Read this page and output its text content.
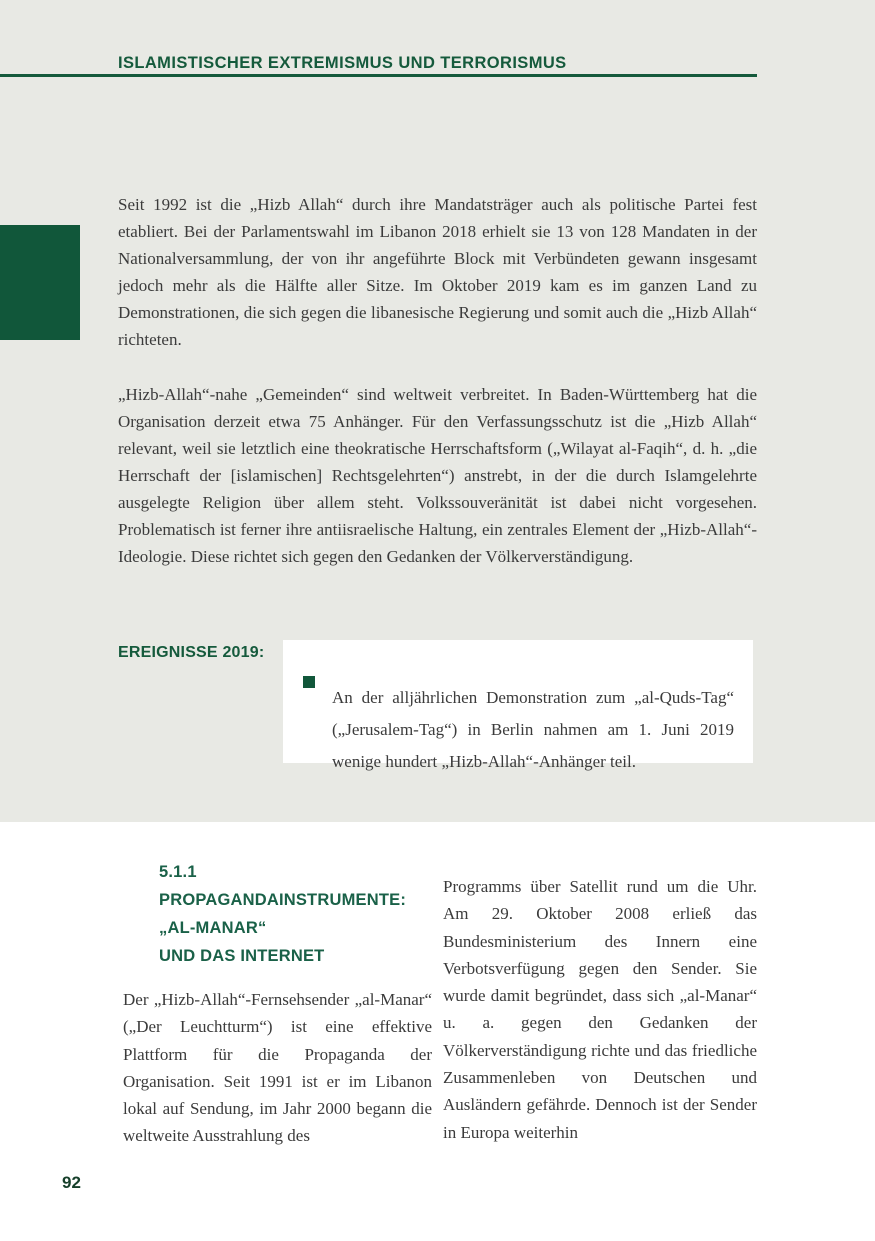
ISLAMISTISCHER EXTREMISMUS UND TERRORISMUS

Seit 1992 ist die „Hizb Allah“ durch ihre Mandatsträger auch als politische Partei fest etabliert. Bei der Parlamentswahl im Libanon 2018 erhielt sie 13 von 128 Mandaten in der Nationalversammlung, der von ihr angeführte Block mit Verbündeten gewann insgesamt jedoch mehr als die Hälfte aller Sitze. Im Oktober 2019 kam es im ganzen Land zu Demonstrationen, die sich gegen die libanesische Regierung und somit auch die „Hizb Allah“ richteten.

„Hizb-Allah“-nahe „Gemeinden“ sind weltweit verbreitet. In Baden-Württemberg hat die Organisation derzeit etwa 75 Anhänger. Für den Verfassungsschutz ist die „Hizb Allah“ relevant, weil sie letztlich eine theokratische Herrschaftsform („Wilayat al-Faqih“, d. h. „die Herrschaft der [islamischen] Rechtsgelehrten“) anstrebt, in der die durch Islamgelehrte ausgelegte Religion über allem steht. Volkssouveränität ist dabei nicht vorgesehen. Problematisch ist ferner ihre antiisraelische Haltung, ein zentrales Element der „Hizb-Allah“-Ideologie. Diese richtet sich gegen den Gedanken der Völkerverständigung.

EREIGNISSE 2019:

An der alljährlichen Demonstration zum „al-Quds-Tag“ („Jerusalem-Tag“) in Berlin nahmen am 1. Juni 2019 wenige hundert „Hizb-Allah“-Anhänger teil.

5.1.1
PROPAGANDAINSTRUMENTE:
„AL-MANAR“
UND DAS INTERNET

Der „Hizb-Allah“-Fernsehsender „al-Manar“ („Der Leuchtturm“) ist eine effektive Plattform für die Propaganda der Organisation. Seit 1991 ist er im Libanon lokal auf Sendung, im Jahr 2000 begann die weltweite Ausstrahlung des

Programms über Satellit rund um die Uhr. Am 29. Oktober 2008 erließ das Bundesministerium des Innern eine Verbotsverfügung gegen den Sender. Sie wurde damit begründet, dass sich „al-Manar“ u. a. gegen den Gedanken der Völkerverständigung richte und das friedliche Zusammenleben von Deutschen und Ausländern gefährde. Dennoch ist der Sender in Europa weiterhin

92
